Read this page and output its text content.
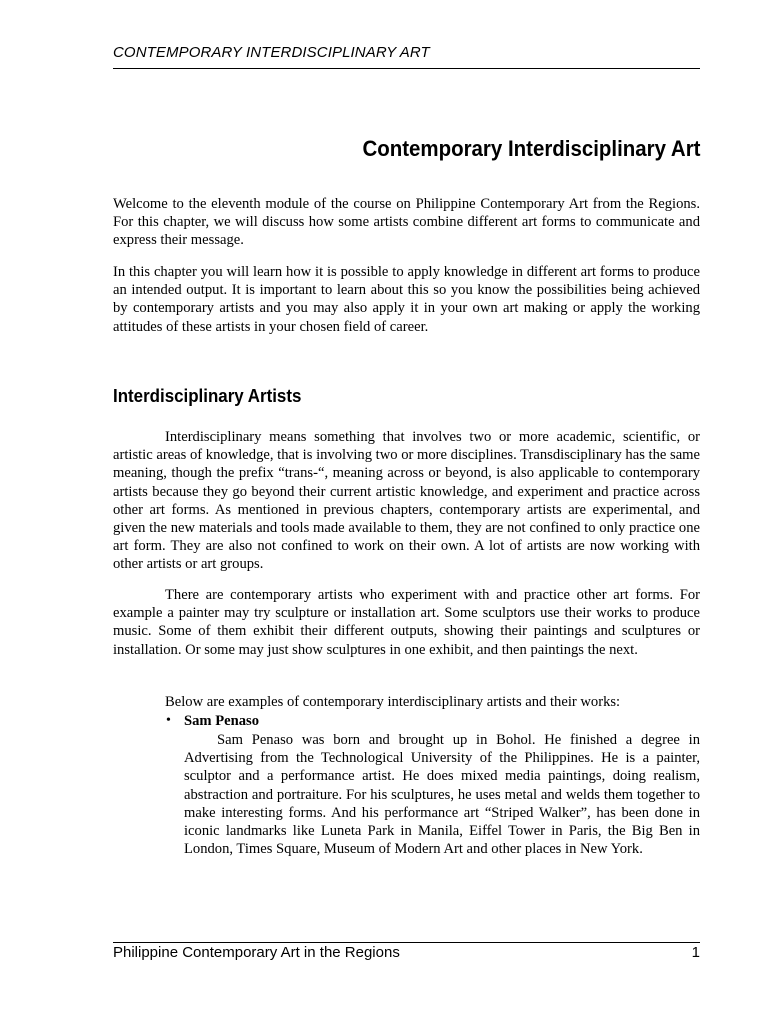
CONTEMPORARY INTERDISCIPLINARY ART
Contemporary Interdisciplinary Art

Welcome to the eleventh module of the course on Philippine Contemporary Art from the Regions. For this chapter, we will discuss how some artists combine different art forms to communicate and express their message.

In this chapter you will learn how it is possible to apply knowledge in different art forms to produce an intended output. It is important to learn about this so you know the possibilities being achieved by contemporary artists and you may also apply it in your own art making or apply the working attitudes of these artists in your chosen field of career.

Interdisciplinary Artists

Interdisciplinary means something that involves two or more academic, scientific, or artistic areas of knowledge, that is involving two or more disciplines. Transdisciplinary has the same meaning, though the prefix “trans-“, meaning across or beyond, is also applicable to contemporary artists because they go beyond their current artistic knowledge, and experiment and practice across other art forms. As mentioned in previous chapters, contemporary artists are experimental, and given the new materials and tools made available to them, they are not confined to only practice one art form. They are also not confined to work on their own. A lot of artists are now working with other artists or art groups.

There are contemporary artists who experiment with and practice other art forms. For example a painter may try sculpture or installation art. Some sculptors use their works to produce music. Some of them exhibit their different outputs, showing their paintings and sculptures or installation. Or some may just show sculptures in one exhibit, and then paintings the next.

Below are examples of contemporary interdisciplinary artists and their works:

• Sam Penaso

Sam Penaso was born and brought up in Bohol. He finished a degree in Advertising from the Technological University of the Philippines. He is a painter, sculptor and a performance artist. He does mixed media paintings, doing realism, abstraction and portraiture. For his sculptures, he uses metal and welds them together to make interesting forms. And his performance art “Striped Walker”, has been done in iconic landmarks like Luneta Park in Manila, Eiffel Tower in Paris, the Big Ben in London, Times Square, Museum of Modern Art and other places in New York.

Philippine Contemporary Art in the Regions	1
